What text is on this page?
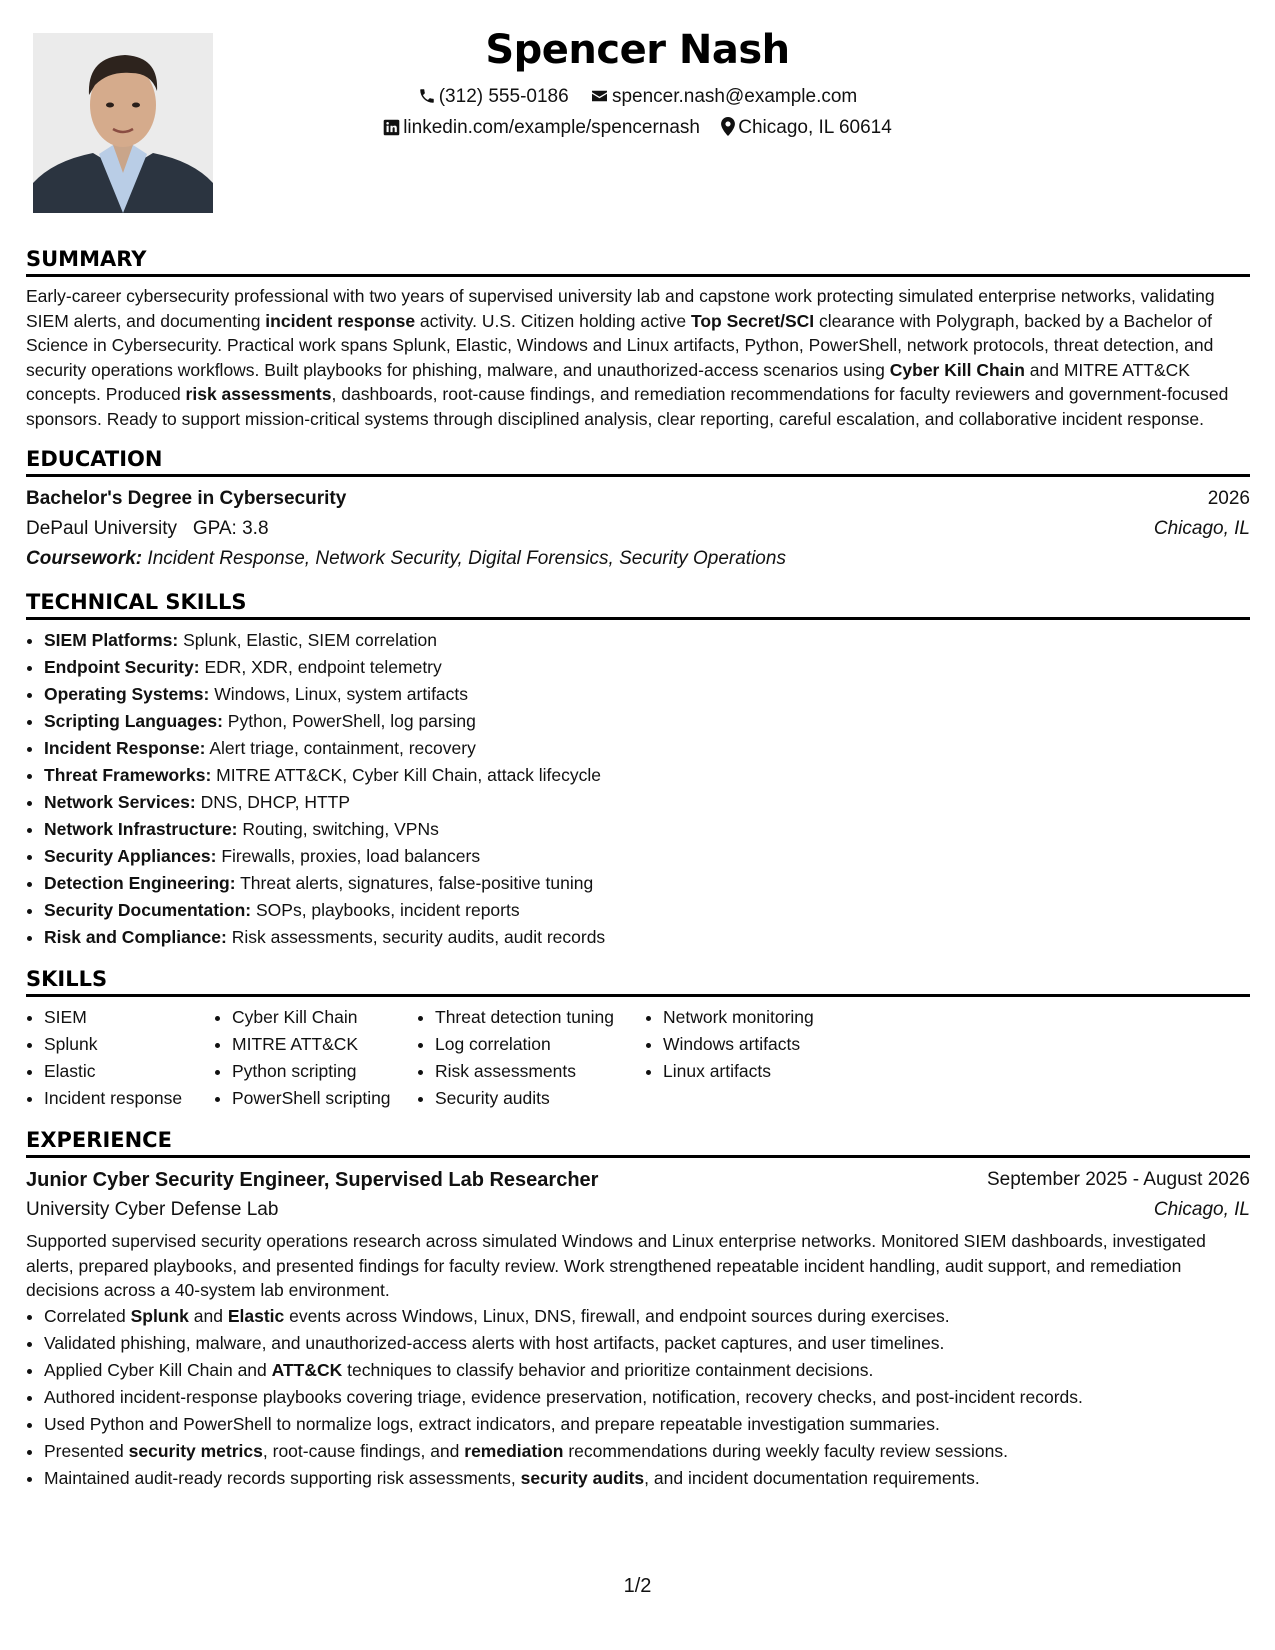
Spencer Nash
(312) 555-0186 spencer.nash@example.com
linkedin.com/example/spencernash Chicago, IL 60614
SUMMARY

Early-career cybersecurity professional with two years of supervised university lab and capstone work protecting simulated enterprise networks, validating SIEM alerts, and documenting incident response activity. U.S. Citizen holding active Top Secret/SCI clearance with Polygraph, backed by a Bachelor of Science in Cybersecurity. Practical work spans Splunk, Elastic, Windows and Linux artifacts, Python, PowerShell, network protocols, threat detection, and security operations workflows. Built playbooks for phishing, malware, and unauthorized-access scenarios using Cyber Kill Chain and MITRE ATT&CK concepts. Produced risk assessments, dashboards, root-cause findings, and remediation recommendations for faculty reviewers and government-focused sponsors. Ready to support mission-critical systems through disciplined analysis, clear reporting, careful escalation, and collaborative incident response.

EDUCATION
Bachelor's Degree in Cybersecurity	2026
DePaul University GPA: 3.8	Chicago, IL
Coursework: Incident Response, Network Security, Digital Forensics, Security Operations
TECHNICAL SKILLS
• SIEM Platforms: Splunk, Elastic, SIEM correlation
• Endpoint Security: EDR, XDR, endpoint telemetry
• Operating Systems: Windows, Linux, system artifacts
• Scripting Languages: Python, PowerShell, log parsing
• Incident Response: Alert triage, containment, recovery
• Threat Frameworks: MITRE ATT&CK, Cyber Kill Chain, attack lifecycle
• Network Services: DNS, DHCP, HTTP
• Network Infrastructure: Routing, switching, VPNs
• Security Appliances: Firewalls, proxies, load balancers
• Detection Engineering: Threat alerts, signatures, false-positive tuning
• Security Documentation: SOPs, playbooks, incident reports
• Risk and Compliance: Risk assessments, security audits, audit records
SKILLS
• SIEM
• Splunk
• Elastic
• Incident response
• Cyber Kill Chain
• MITRE ATT&CK
• Python scripting
• PowerShell scripting
• Threat detection tuning
• Log correlation
• Risk assessments
• Security audits
• Network monitoring
• Windows artifacts
• Linux artifacts
EXPERIENCE
Junior Cyber Security Engineer, Supervised Lab Researcher	September 2025 - August 2026
University Cyber Defense Lab	Chicago, IL

Supported supervised security operations research across simulated Windows and Linux enterprise networks. Monitored SIEM dashboards, investigated alerts, prepared playbooks, and presented findings for faculty review. Work strengthened repeatable incident handling, audit support, and remediation decisions across a 40-system lab environment.

• Correlated Splunk and Elastic events across Windows, Linux, DNS, firewall, and endpoint sources during exercises.
• Validated phishing, malware, and unauthorized-access alerts with host artifacts, packet captures, and user timelines.
• Applied Cyber Kill Chain and ATT&CK techniques to classify behavior and prioritize containment decisions.
• Authored incident-response playbooks covering triage, evidence preservation, notification, recovery checks, and post-incident records.
• Used Python and PowerShell to normalize logs, extract indicators, and prepare repeatable investigation summaries.
• Presented security metrics, root-cause findings, and remediation recommendations during weekly faculty review sessions.
• Maintained audit-ready records supporting risk assessments, security audits, and incident documentation requirements.
1/2
